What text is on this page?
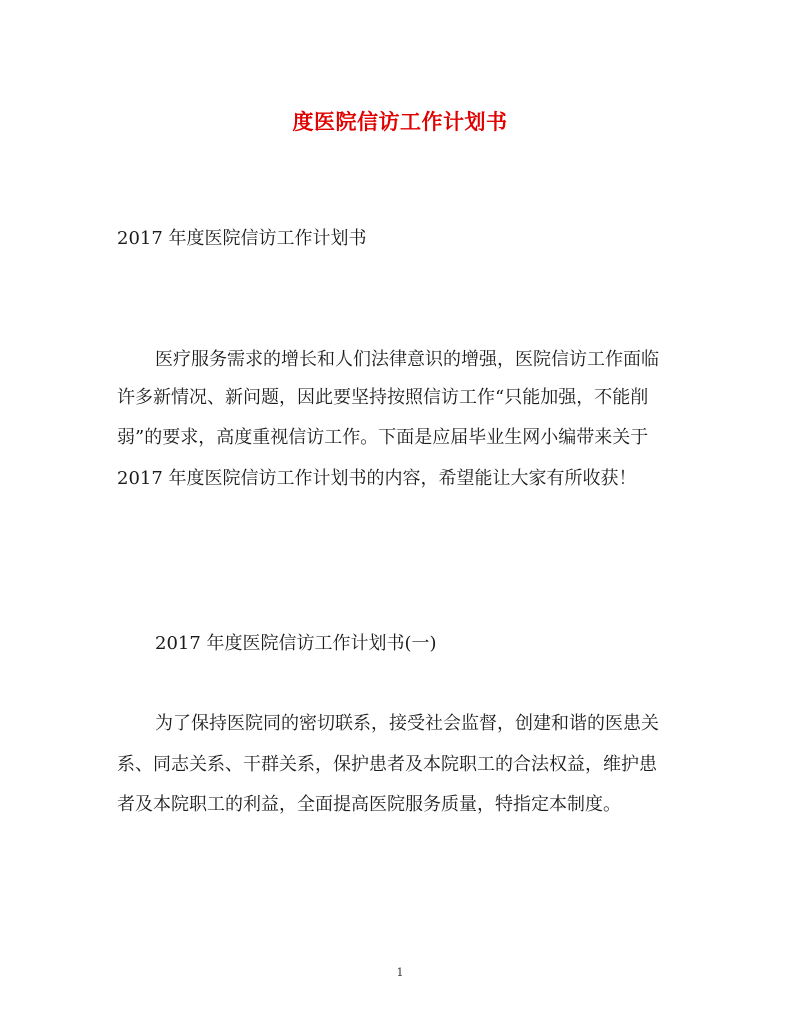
度医院信访工作计划书
2017 年度医院信访工作计划书
医疗服务需求的增长和人们法律意识的增强，医院信访工作面临
许多新情况、新问题，因此要坚持按照信访工作“只能加强，不能削
弱”的要求，高度重视信访工作。下面是应届毕业生网小编带来关于
2017 年度医院信访工作计划书的内容，希望能让大家有所收获！
2017 年度医院信访工作计划书(一)
为了保持医院同的密切联系，接受社会监督，创建和谐的医患关
系、同志关系、干群关系，保护患者及本院职工的合法权益，维护患
者及本院职工的利益，全面提高医院服务质量，特指定本制度。
1
